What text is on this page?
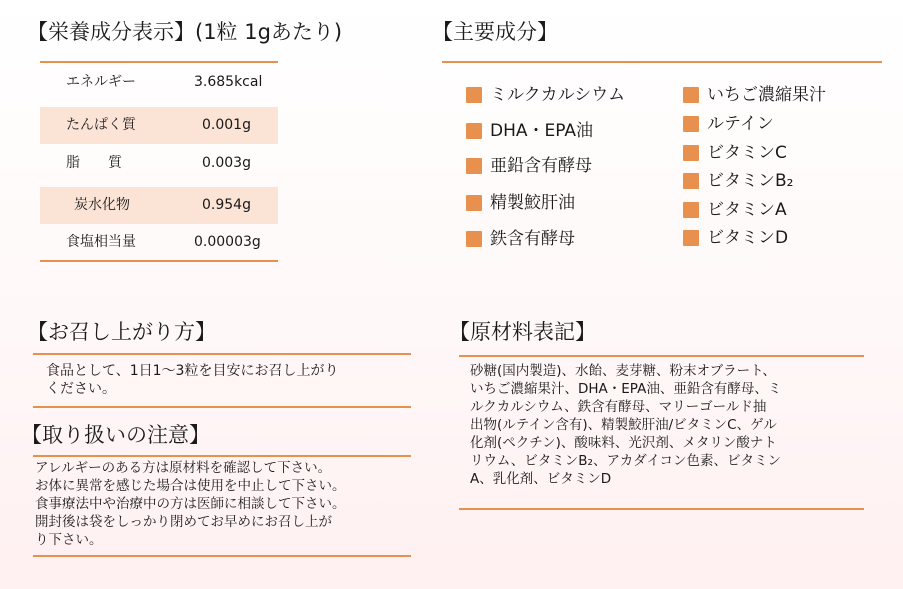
【栄養成分表示】(1粒 1gあたり)
エネルギー	3.685kcal
たんぱく質	0.001g
脂　　質	0.003g
炭水化物	0.954g
食塩相当量	0.00003g
【主要成分】
ミルクカルシウム
DHA・EPA油
亜鉛含有酵母
精製鮫肝油
鉄含有酵母
いちご濃縮果汁
ルテイン
ビタミンC
ビタミンB₂
ビタミンA
ビタミンD
【お召し上がり方】
食品として、1日1～3粒を目安にお召し上がり
ください。
【取り扱いの注意】
アレルギーのある方は原材料を確認して下さい。
お体に異常を感じた場合は使用を中止して下さい。
食事療法中や治療中の方は医師に相談して下さい。
開封後は袋をしっかり閉めてお早めにお召し上が
り下さい。
【原材料表記】
砂糖(国内製造)、水飴、麦芽糖、粉末オブラート、
いちご濃縮果汁、DHA・EPA油、亜鉛含有酵母、ミ
ルクカルシウム、鉄含有酵母、マリーゴールド抽
出物(ルテイン含有)、精製鮫肝油/ビタミンC、ゲル
化剤(ペクチン)、酸味料、光沢剤、メタリン酸ナト
リウム、ビタミンB₂、アカダイコン色素、ビタミン
A、乳化剤、ビタミンD
